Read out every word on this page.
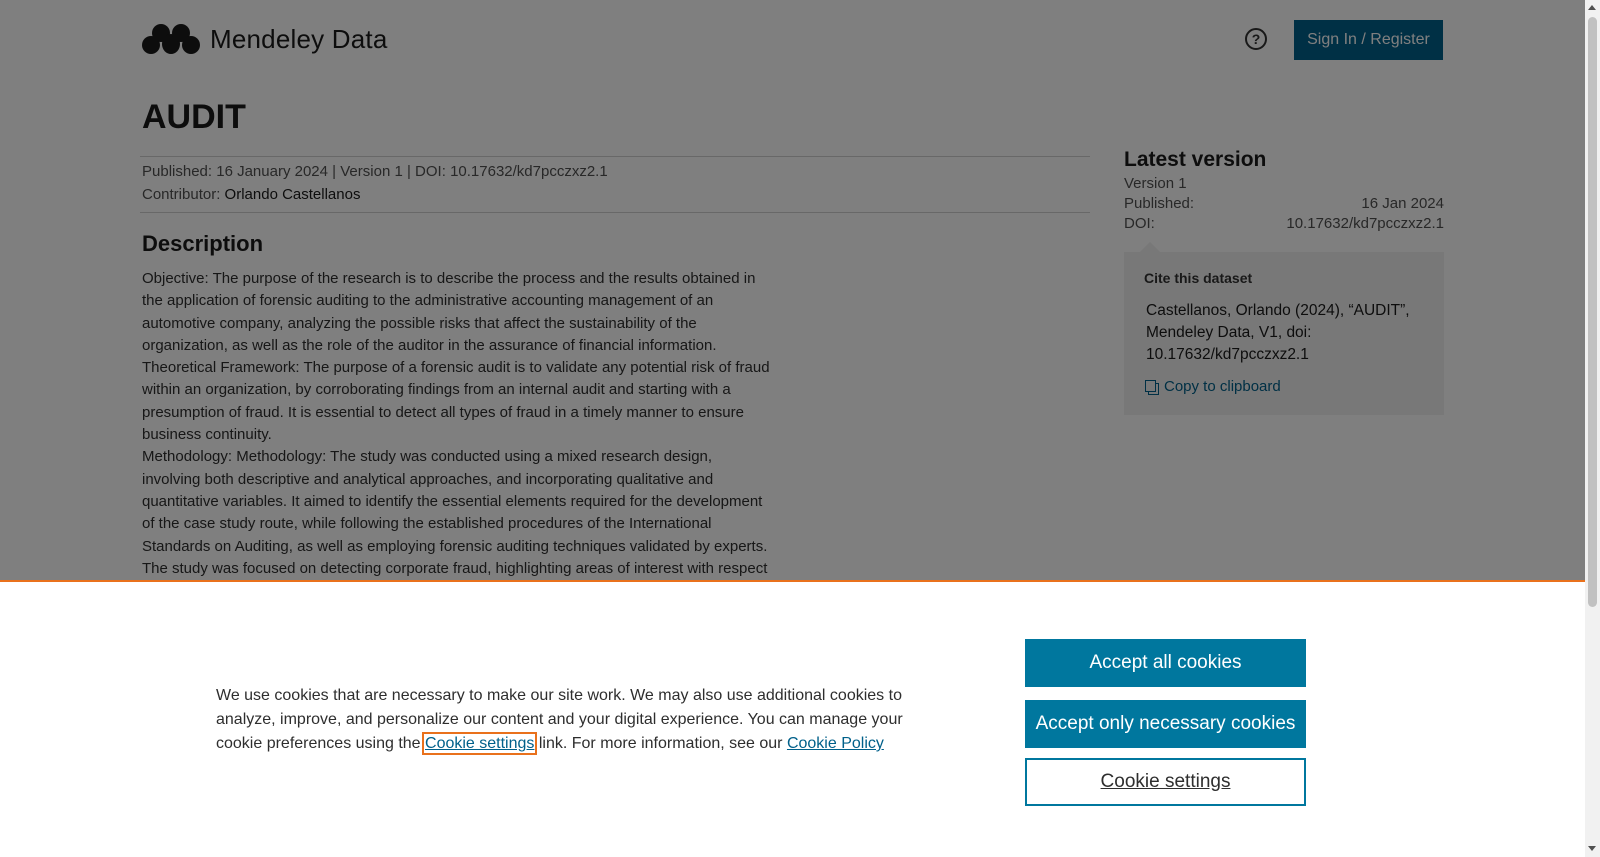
We use cookies that are necessary to make our site work. We may also use additional cookies to analyze, improve, and personalize our content and your digital experience. You can manage your cookie preferences using the Cookie settings link. For more information, see our Cookie Policy
Accept all cookies
Accept only necessary cookies
Cookie settings
